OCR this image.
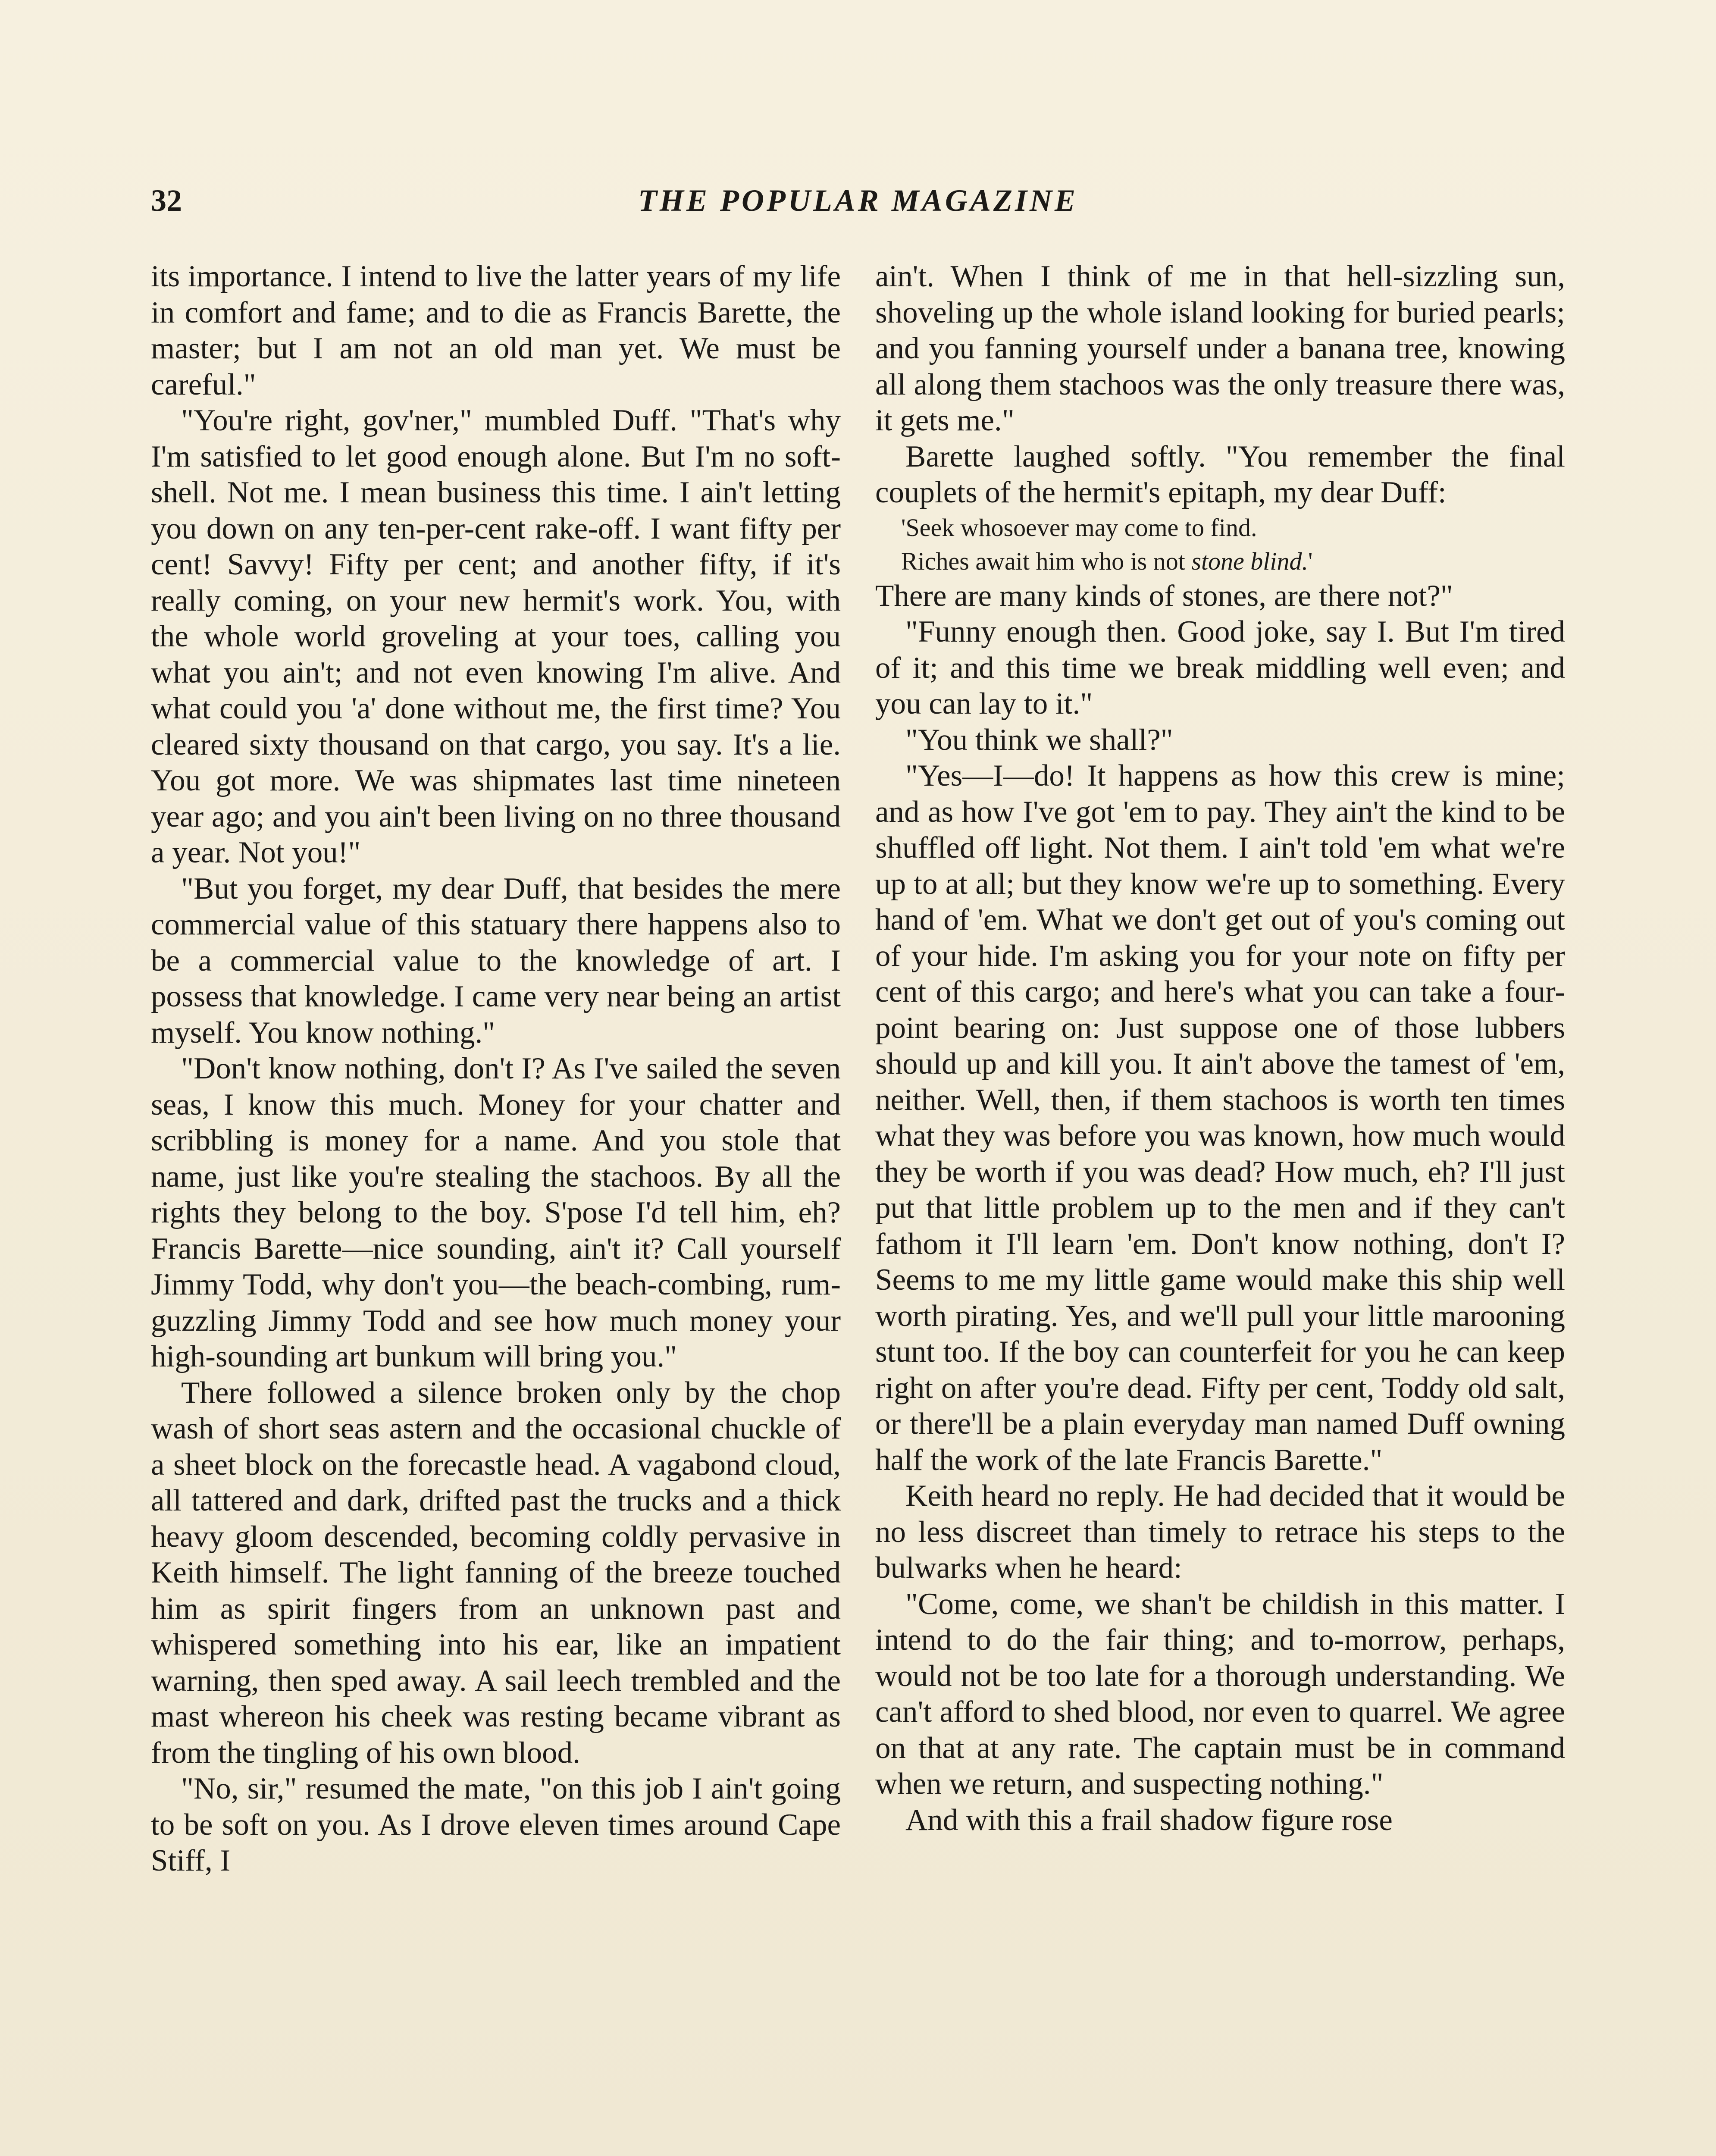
32	THE POPULAR MAGAZINE

its importance. I intend to live the latter years of my life in comfort and fame; and to die as Francis Barette, the master; but I am not an old man yet. We must be careful."

"You're right, gov'ner," mumbled Duff. "That's why I'm satisfied to let good enough alone. But I'm no soft-shell. Not me. I mean business this time. I ain't letting you down on any ten-per-cent rake-off. I want fifty per cent! Savvy! Fifty per cent; and another fifty, if it's really coming, on your new hermit's work. You, with the whole world groveling at your toes, calling you what you ain't; and not even knowing I'm alive. And what could you 'a' done without me, the first time? You cleared sixty thousand on that cargo, you say. It's a lie. You got more. We was shipmates last time nineteen year ago; and you ain't been living on no three thousand a year. Not you!"

"But you forget, my dear Duff, that besides the mere commercial value of this statuary there happens also to be a commercial value to the knowledge of art. I possess that knowledge. I came very near being an artist myself. You know nothing."

"Don't know nothing, don't I? As I've sailed the seven seas, I know this much. Money for your chatter and scribbling is money for a name. And you stole that name, just like you're stealing the stachoos. By all the rights they belong to the boy. S'pose I'd tell him, eh? Francis Barette—nice sounding, ain't it? Call yourself Jimmy Todd, why don't you—the beach-combing, rum-guzzling Jimmy Todd and see how much money your high-sounding art bunkum will bring you."

There followed a silence broken only by the chop wash of short seas astern and the occasional chuckle of a sheet block on the forecastle head. A vagabond cloud, all tattered and dark, drifted past the trucks and a thick heavy gloom descended, becoming coldly pervasive in Keith himself. The light fanning of the breeze touched him as spirit fingers from an unknown past and whispered something into his ear, like an impatient warning, then sped away. A sail leech trembled and the mast whereon his cheek was resting became vibrant as from the tingling of his own blood.

"No, sir," resumed the mate, "on this job I ain't going to be soft on you. As I drove eleven times around Cape Stiff, I

ain't. When I think of me in that hell-sizzling sun, shoveling up the whole island looking for buried pearls; and you fanning yourself under a banana tree, knowing all along them stachoos was the only treasure there was, it gets me."

Barette laughed softly. "You remember the final couplets of the hermit's epitaph, my dear Duff:

'Seek whosoever may come to find.
Riches await him who is not stone blind.'

There are many kinds of stones, are there not?"

"Funny enough then. Good joke, say I. But I'm tired of it; and this time we break middling well even; and you can lay to it."

"You think we shall?"

"Yes—I—do! It happens as how this crew is mine; and as how I've got 'em to pay. They ain't the kind to be shuffled off light. Not them. I ain't told 'em what we're up to at all; but they know we're up to something. Every hand of 'em. What we don't get out of you's coming out of your hide. I'm asking you for your note on fifty per cent of this cargo; and here's what you can take a four-point bearing on: Just suppose one of those lubbers should up and kill you. It ain't above the tamest of 'em, neither. Well, then, if them stachoos is worth ten times what they was before you was known, how much would they be worth if you was dead? How much, eh? I'll just put that little problem up to the men and if they can't fathom it I'll learn 'em. Don't know nothing, don't I? Seems to me my little game would make this ship well worth pirating. Yes, and we'll pull your little marooning stunt too. If the boy can counterfeit for you he can keep right on after you're dead. Fifty per cent, Toddy old salt, or there'll be a plain everyday man named Duff owning half the work of the late Francis Barette."

Keith heard no reply. He had decided that it would be no less discreet than timely to retrace his steps to the bulwarks when he heard:

"Come, come, we shan't be childish in this matter. I intend to do the fair thing; and to-morrow, perhaps, would not be too late for a thorough understanding. We can't afford to shed blood, nor even to quarrel. We agree on that at any rate. The captain must be in command when we return, and suspecting nothing."

And with this a frail shadow figure rose
